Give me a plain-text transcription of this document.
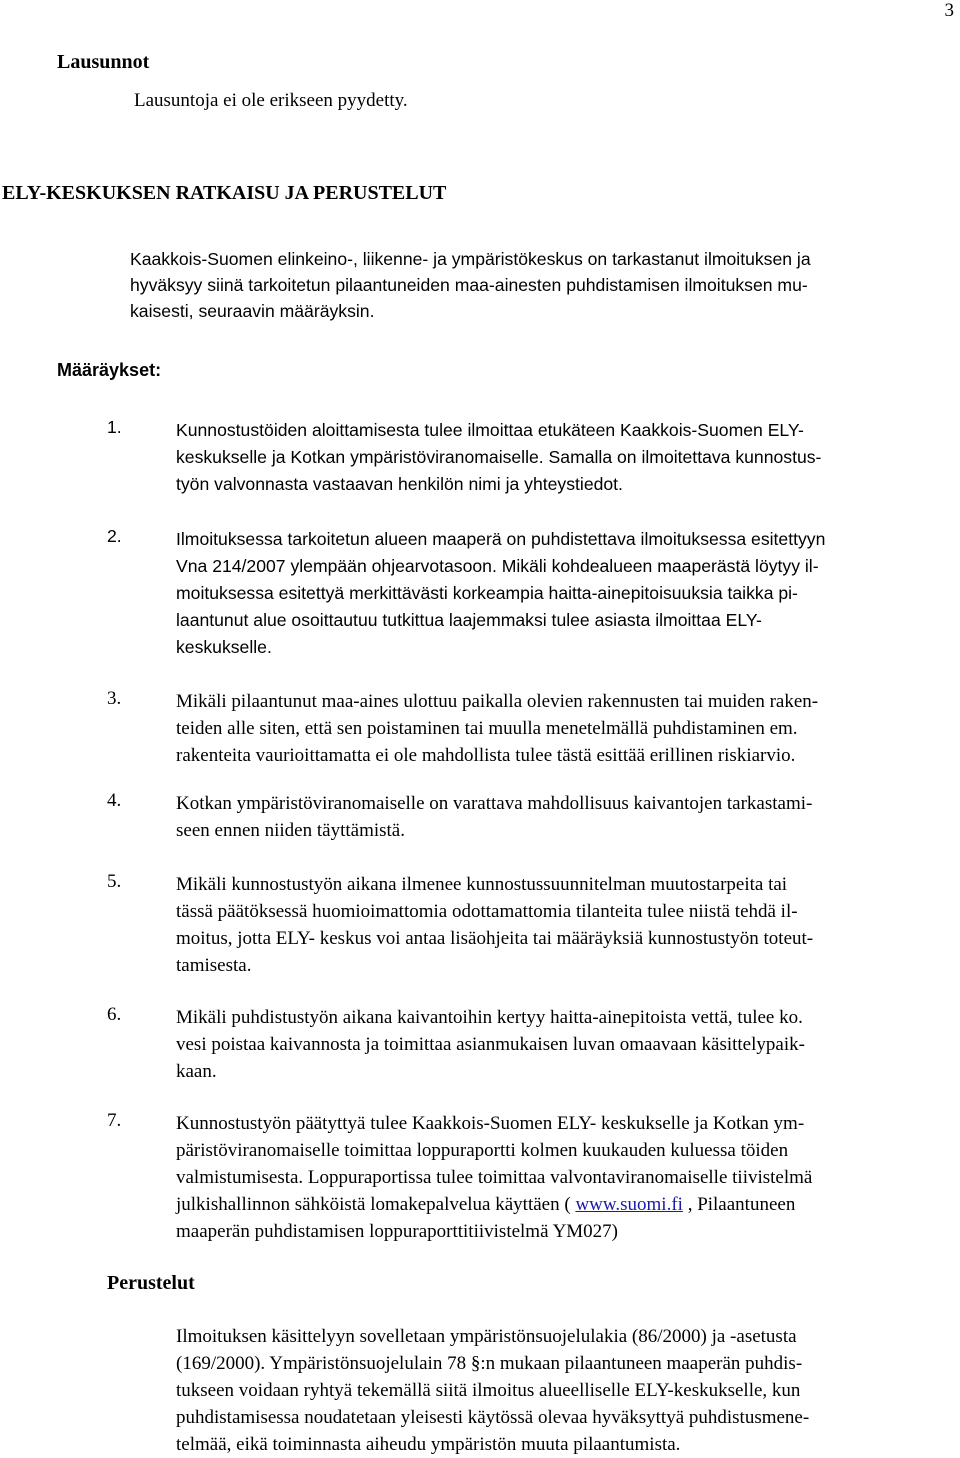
3
Lausunnot
Lausuntoja ei ole erikseen pyydetty.
ELY-KESKUKSEN RATKAISU JA PERUSTELUT
Kaakkois-Suomen elinkeino-, liikenne- ja ympäristökeskus on tarkastanut ilmoituksen ja
hyväksyy siinä tarkoitetun pilaantuneiden maa-ainesten puhdistamisen ilmoituksen mu-
kaisesti, seuraavin määräyksin.
Määräykset:
1.	Kunnostustöiden aloittamisesta tulee ilmoittaa etukäteen Kaakkois-Suomen ELY-
keskukselle ja Kotkan ympäristöviranomaiselle. Samalla on ilmoitettava kunnostus-
työn valvonnasta vastaavan henkilön nimi ja yhteystiedot.
2.	Ilmoituksessa tarkoitetun alueen maaperä on puhdistettava ilmoituksessa esitettyyn
Vna 214/2007 ylempään ohjearvotasoon. Mikäli kohdealueen maaperästä löytyy il-
moituksessa esitettyä merkittävästi korkeampia haitta-ainepitoisuuksia taikka pi-
laantunut alue osoittautuu tutkittua laajemmaksi tulee asiasta ilmoittaa ELY-
keskukselle.
3.	Mikäli pilaantunut maa-aines ulottuu paikalla olevien rakennusten tai muiden raken-
teiden alle siten, että sen poistaminen tai muulla menetelmällä puhdistaminen em.
rakenteita vaurioittamatta ei ole mahdollista tulee tästä esittää erillinen riskiarvio.
4.	Kotkan ympäristöviranomaiselle on varattava mahdollisuus kaivantojen tarkastami-
seen ennen niiden täyttämistä.
5.	Mikäli kunnostustyön aikana ilmenee kunnostussuunnitelman muutostarpeita tai
tässä päätöksessä huomioimattomia odottamattomia tilanteita tulee niistä tehdä il-
moitus, jotta ELY- keskus voi antaa lisäohjeita tai määräyksiä kunnostustyön toteut-
tamisesta.
6.	Mikäli puhdistustyön aikana kaivantoihin kertyy haitta-ainepitoista vettä, tulee ko.
vesi poistaa kaivannosta ja toimittaa asianmukaisen luvan omaavaan käsittelypaik-
kaan.
7.	Kunnostustyön päätyttyä tulee Kaakkois-Suomen ELY- keskukselle ja Kotkan ym-
päristöviranomaiselle toimittaa loppuraportti kolmen kuukauden kuluessa töiden
valmistumisesta. Loppuraportissa tulee toimittaa valvontaviranomaiselle tiivistelmä
julkishallinnon sähköistä lomakepalvelua käyttäen ( www.suomi.fi , Pilaantuneen
maaperän puhdistamisen loppuraporttitiivistelmä YM027)
Perustelut
Ilmoituksen käsittelyyn sovelletaan ympäristönsuojelulakia (86/2000) ja -asetusta
(169/2000). Ympäristönsuojelulain 78 §:n mukaan pilaantuneen maaperän puhdis-
tukseen voidaan ryhtyä tekemällä siitä ilmoitus alueelliselle ELY-keskukselle, kun
puhdistamisessa noudatetaan yleisesti käytössä olevaa hyväksyttyä puhdistusmene-
telmää, eikä toiminnasta aiheudu ympäristön muuta pilaantumista.
